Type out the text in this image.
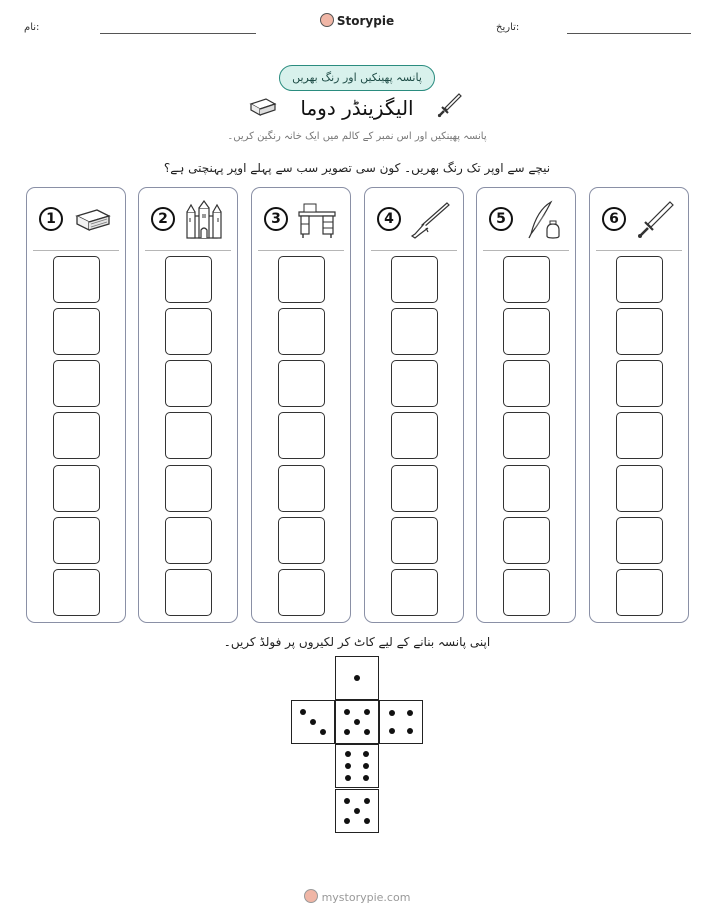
نام:	تاریخ:
Storypie
پانسہ پھینکیں اور رنگ بھریں
الیگزینڈر دوما
پانسہ پھینکیں اور اس نمبر کے کالم میں ایک خانہ رنگین کریں۔
نیچے سے اوپر تک رنگ بھریں۔ کون سی تصویر سب سے پہلے اوپر پہنچتی ہے؟
1	2	3	4	5	6
اپنی پانسہ بنانے کے لیے کاٹ کر لکیروں پر فولڈ کریں۔
mystorypie.com
